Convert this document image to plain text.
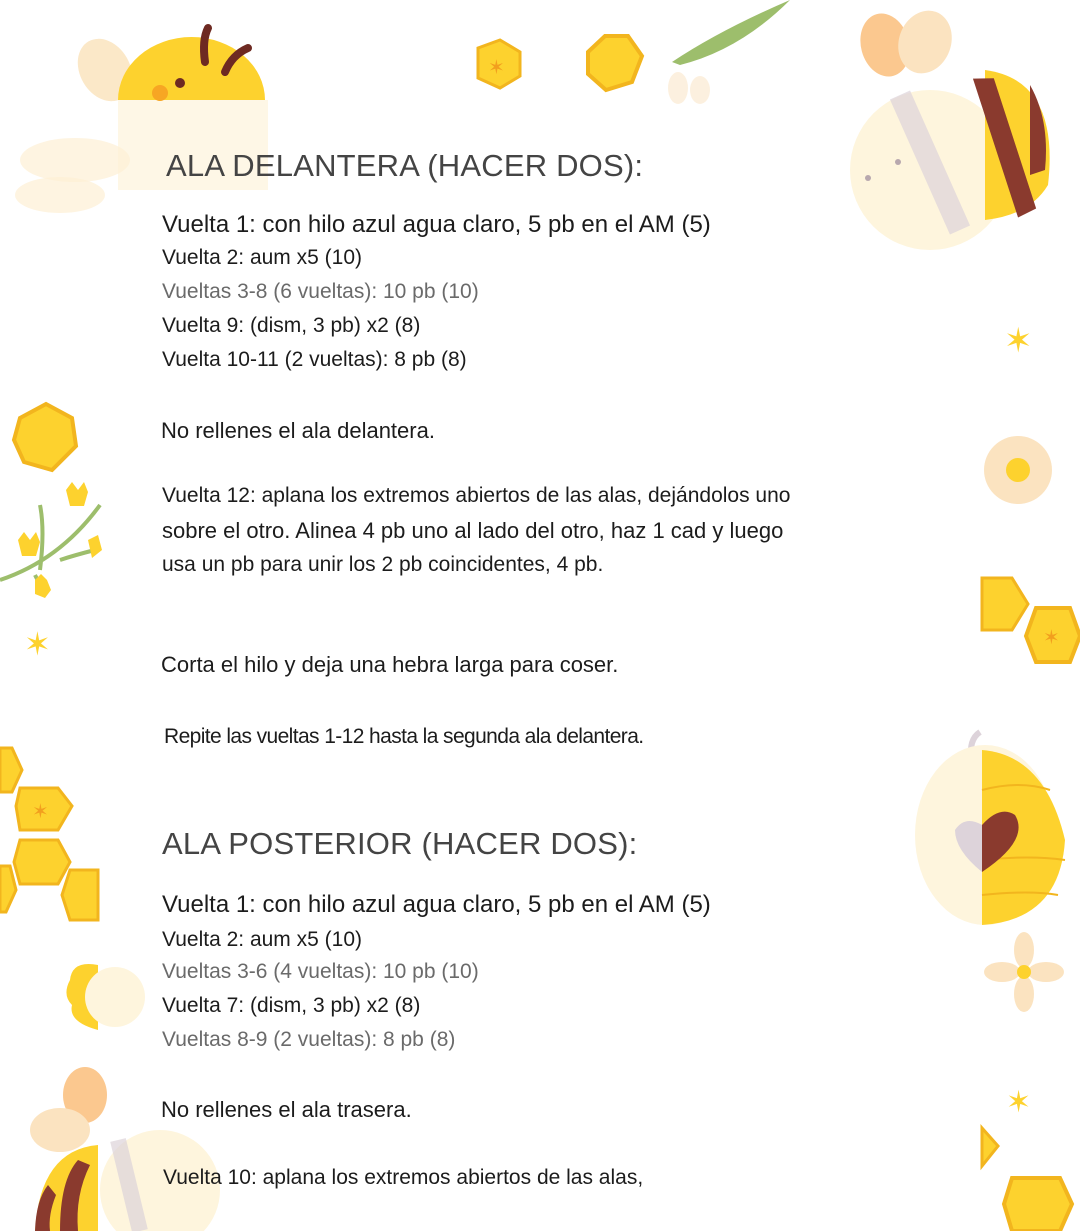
✶
✶
✶
✶
✶
✶
ALA DELANTERA (HACER DOS):
Vuelta 1: con hilo azul agua claro, 5 pb en el AM (5)
Vuelta 2: aum x5 (10)
Vueltas 3-8 (6 vueltas): 10 pb (10)
Vuelta 9: (dism, 3 pb) x2 (8)
Vuelta 10-11 (2 vueltas): 8 pb (8)
No rellenes el ala delantera.
Vuelta 12: aplana los extremos abiertos de las alas, dejándolos uno
sobre el otro. Alinea 4 pb uno al lado del otro, haz 1 cad y luego
usa un pb para unir los 2 pb coincidentes, 4 pb.
Corta el hilo y deja una hebra larga para coser.
Repite las vueltas 1-12 hasta la segunda ala delantera.
ALA POSTERIOR (HACER DOS):
Vuelta 1: con hilo azul agua claro, 5 pb en el AM (5)
Vuelta 2: aum x5 (10)
Vueltas 3-6 (4 vueltas): 10 pb (10)
Vuelta 7: (dism, 3 pb) x2 (8)
Vueltas 8-9 (2 vueltas): 8 pb (8)
No rellenes el ala trasera.
Vuelta 10: aplana los extremos abiertos de las alas,
